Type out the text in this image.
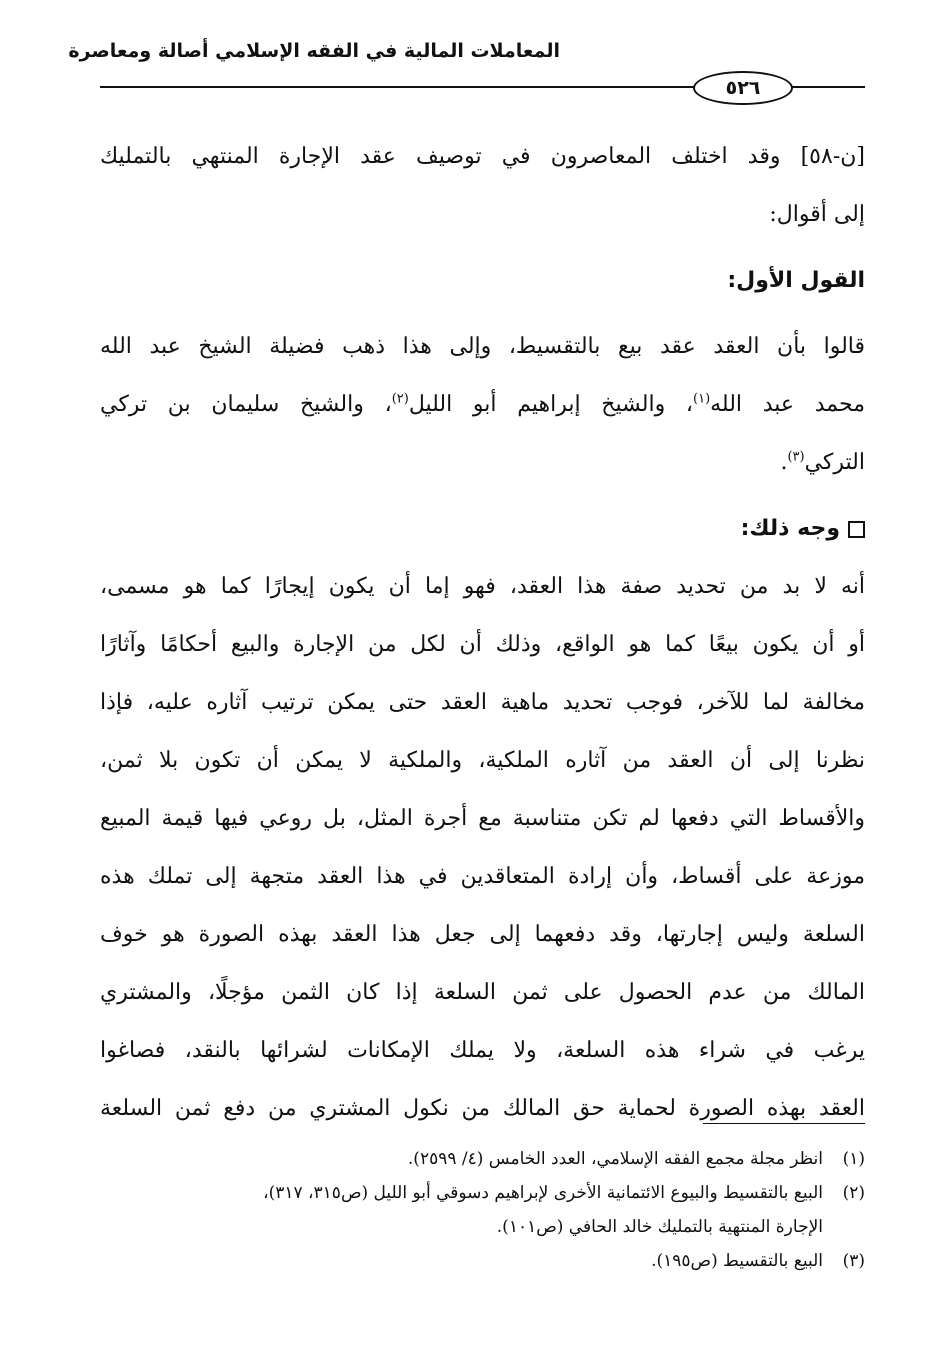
المعاملات المالية في الفقه الإسلامي أصالة ومعاصرة
٥٢٦
[ن-٥٨] وقد اختلف المعاصرون في توصيف عقد الإجارة المنتهي بالتمليك
إلى أقوال:
القول الأول:
قالوا بأن العقد عقد بيع بالتقسيط، وإلى هذا ذهب فضيلة الشيخ عبد الله
محمد عبد الله$^{(١)}$، والشيخ إبراهيم أبو الليل$^{(٢)}$، والشيخ سليمان بن تركي
التركي$^{(٣)}$.
وجه ذلك:
أنه لا بد من تحديد صفة هذا العقد، فهو إما أن يكون إيجارًا كما هو مسمى،
أو أن يكون بيعًا كما هو الواقع، وذلك أن لكل من الإجارة والبيع أحكامًا وآثارًا
مخالفة لما للآخر، فوجب تحديد ماهية العقد حتى يمكن ترتيب آثاره عليه، فإذا
نظرنا إلى أن العقد من آثاره الملكية، والملكية لا يمكن أن تكون بلا ثمن،
والأقساط التي دفعها لم تكن متناسبة مع أجرة المثل، بل روعي فيها قيمة المبيع
موزعة على أقساط، وأن إرادة المتعاقدين في هذا العقد متجهة إلى تملك هذه
السلعة وليس إجارتها، وقد دفعهما إلى جعل هذا العقد بهذه الصورة هو خوف
المالك من عدم الحصول على ثمن السلعة إذا كان الثمن مؤجلًا، والمشتري
يرغب في شراء هذه السلعة، ولا يملك الإمكانات لشرائها بالنقد، فصاغوا
العقد بهذه الصورة لحماية حق المالك من نكول المشتري من دفع ثمن السلعة
(١)انظر مجلة مجمع الفقه الإسلامي، العدد الخامس (٤/ ٢٥٩٩).
(٢)البيع بالتقسيط والبيوع الائتمانية الأخرى لإبراهيم دسوقي أبو الليل (ص٣١٥، ٣١٧)،
الإجارة المنتهية بالتمليك خالد الحافي (ص١٠١).
(٣)البيع بالتقسيط (ص١٩٥).
